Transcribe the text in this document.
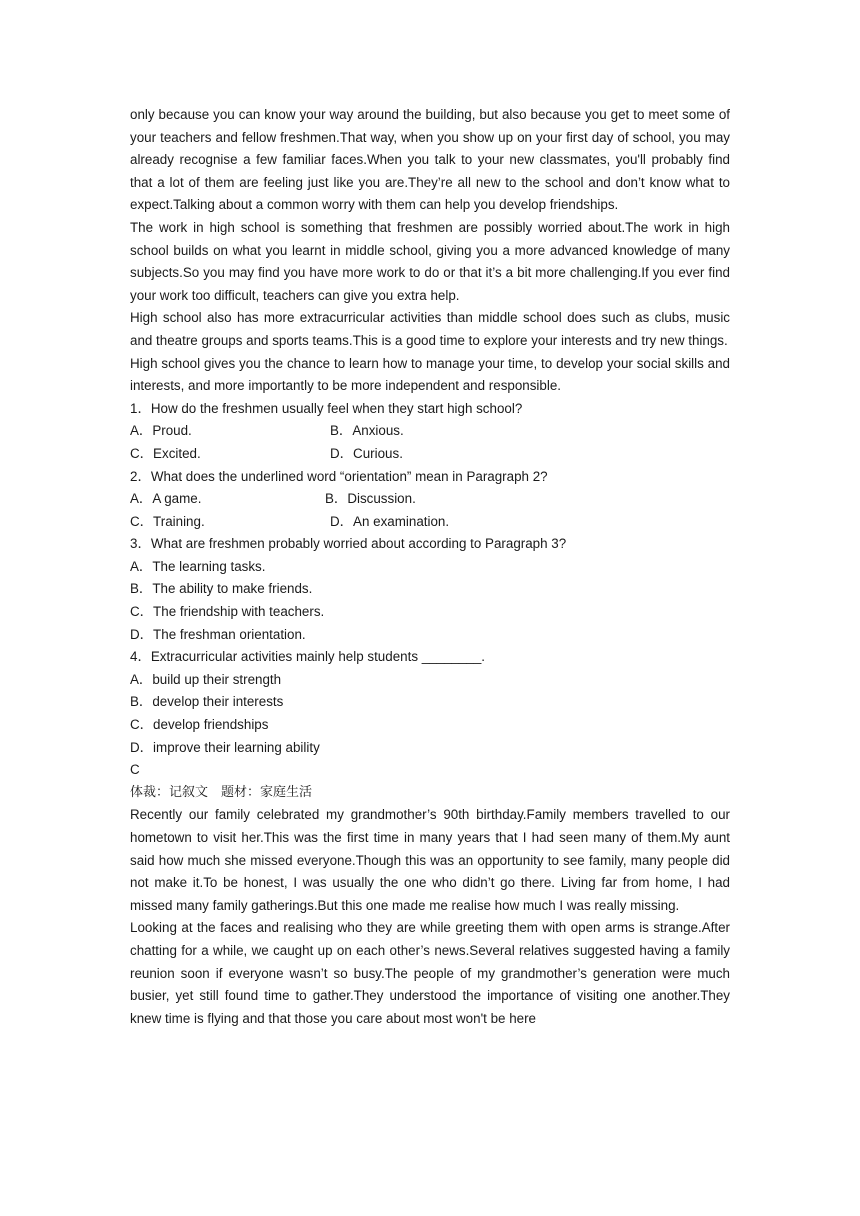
only because you can know your way around the building, but also because you get to meet some of your teachers and fellow freshmen.That way, when you show up on your first day of school, you may already recognise a few familiar faces.When you talk to your new classmates, you'll probably find that a lot of them are feeling just like you are.They’re all new to the school and don’t know what to expect.Talking about a common worry with them can help you develop friendships.

The work in high school is something that freshmen are possibly worried about.The work in high school builds on what you learnt in middle school, giving you a more advanced knowledge of many subjects.So you may find you have more work to do or that it’s a bit more challenging.If you ever find your work too difficult, teachers can give you extra help.

High school also has more extracurricular activities than middle school does such as clubs, music and theatre groups and sports teams.This is a good time to explore your interests and try new things.

High school gives you the chance to learn how to manage your time, to develop your social skills and interests, and more importantly to be more independent and responsible.

1．How do the freshmen usually feel when they start high school?

A．Proud.	B．Anxious.
C．Excited.	D．Curious.

2．What does the underlined word “orientation” mean in Paragraph 2?

A．A game.	B．Discussion.
C．Training.	D．An examination.

3．What are freshmen probably worried about according to Paragraph 3?

A．The learning tasks.

B．The ability to make friends.

C．The friendship with teachers.

D．The freshman orientation.

4．Extracurricular activities mainly help students ________.

A．build up their strength

B．develop their interests

C．develop friendships

D．improve their learning ability

C

体裁：记叙文　题材：家庭生活

Recently our family celebrated my grandmother’s 90th birthday.Family members travelled to our hometown to visit her.This was the first time in many years that I had seen many of them.My aunt said how much she missed everyone.Though this was an opportunity to see family, many people did not make it.To be honest, I was usually the one who didn’t go there. Living far from home, I had missed many family gatherings.But this one made me realise how much I was really missing.

Looking at the faces and realising who they are while greeting them with open arms is strange.After chatting for a while, we caught up on each other’s news.Several relatives suggested having a family reunion soon if everyone wasn’t so busy.The people of my grandmother’s generation were much busier, yet still found time to gather.They understood the importance of visiting one another.They knew time is flying and that those you care about most won't be here
